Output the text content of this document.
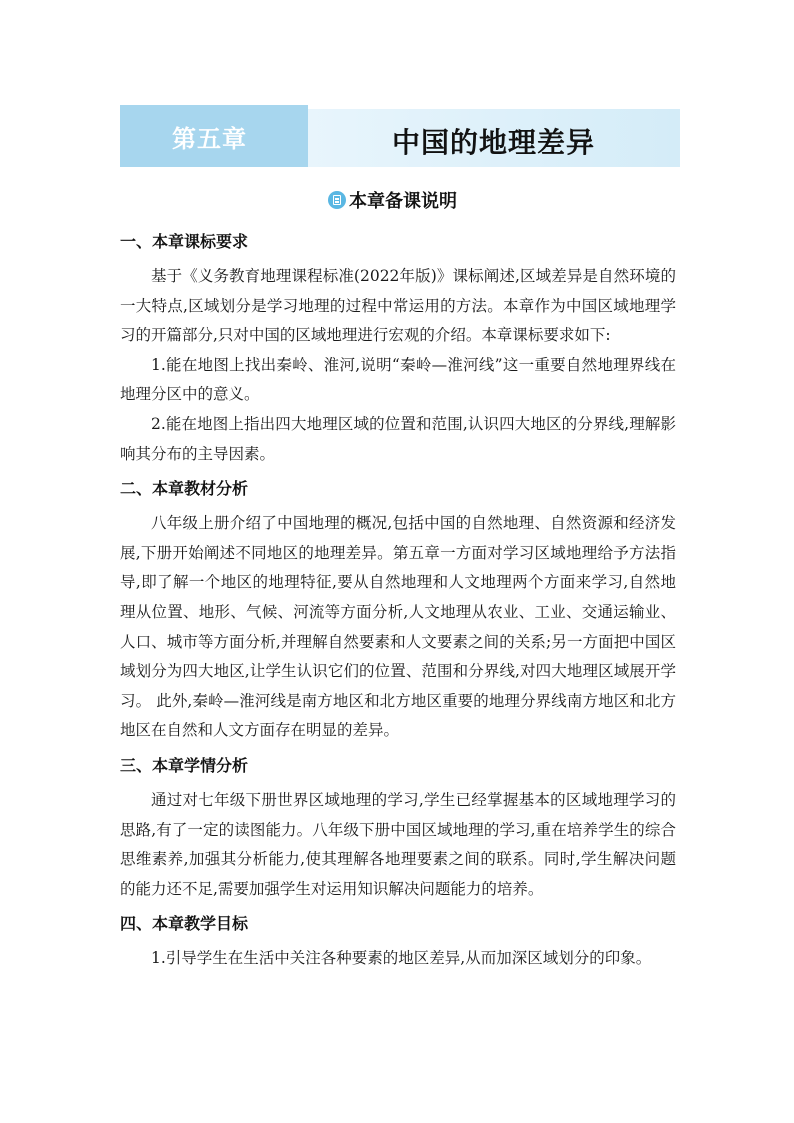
第五章	中国的地理差异
本章备课说明
一、本章课标要求

基于《义务教育地理课程标准(2022年版)》课标阐述,区域差异是自然环境的一大特点,区域划分是学习地理的过程中常运用的方法。本章作为中国区域地理学习的开篇部分,只对中国的区域地理进行宏观的介绍。本章课标要求如下:

1.能在地图上找出秦岭、淮河,说明“秦岭—淮河线”这一重要自然地理界线在地理分区中的意义。

2.能在地图上指出四大地理区域的位置和范围,认识四大地区的分界线,理解影响其分布的主导因素。

二、本章教材分析

八年级上册介绍了中国地理的概况,包括中国的自然地理、自然资源和经济发展,下册开始阐述不同地区的地理差异。第五章一方面对学习区域地理给予方法指导,即了解一个地区的地理特征,要从自然地理和人文地理两个方面来学习,自然地理从位置、地形、气候、河流等方面分析,人文地理从农业、工业、交通运输业、人口、城市等方面分析,并理解自然要素和人文要素之间的关系;另一方面把中国区域划分为四大地区,让学生认识它们的位置、范围和分界线,对四大地理区域展开学习。 此外,秦岭—淮河线是南方地区和北方地区重要的地理分界线南方地区和北方地区在自然和人文方面存在明显的差异。

三、本章学情分析

通过对七年级下册世界区域地理的学习,学生已经掌握基本的区域地理学习的思路,有了一定的读图能力。八年级下册中国区域地理的学习,重在培养学生的综合思维素养,加强其分析能力,使其理解各地理要素之间的联系。同时,学生解决问题的能力还不足,需要加强学生对运用知识解决问题能力的培养。

四、本章教学目标

1.引导学生在生活中关注各种要素的地区差异,从而加深区域划分的印象。
